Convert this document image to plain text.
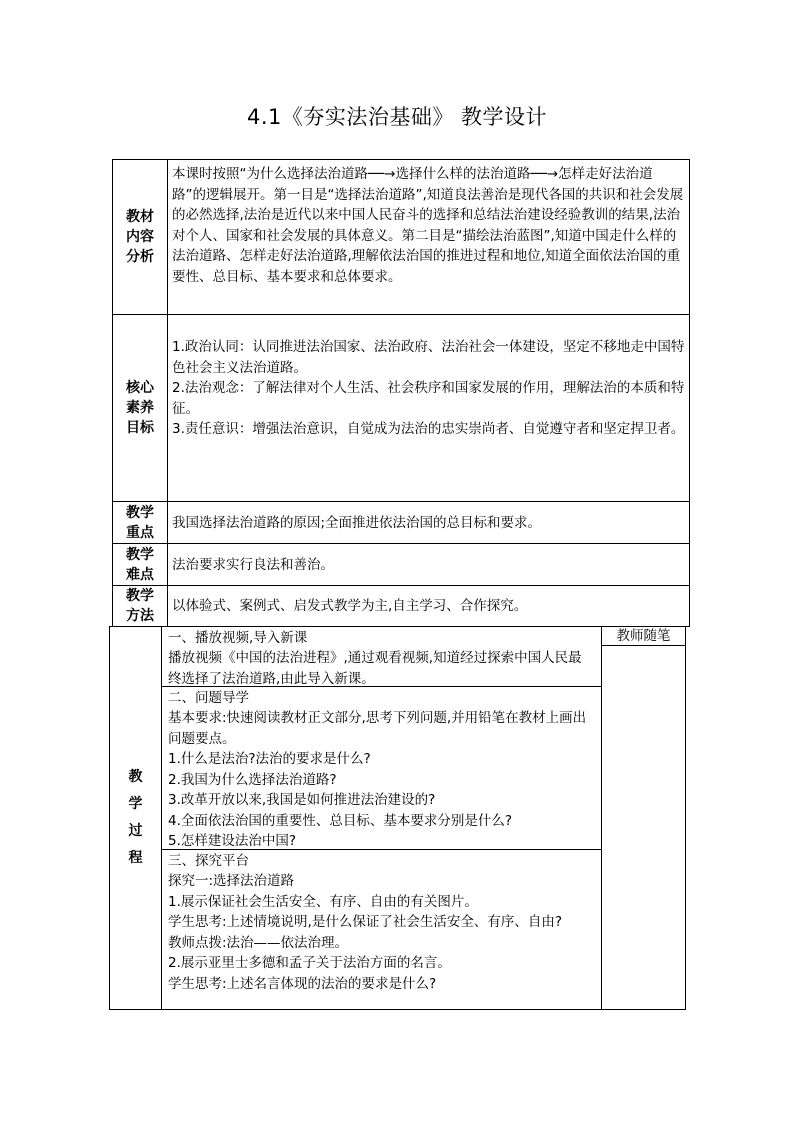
4.1《夯实法治基础》 教学设计
教材
内容
分析

本课时按照“为什么选择法治道路──→选择什么样的法治道路──→怎样走好法治道路”的逻辑展开。第一目是“选择法治道路”,知道良法善治是现代各国的共识和社会发展的必然选择,法治是近代以来中国人民奋斗的选择和总结法治建设经验教训的结果,法治对个人、国家和社会发展的具体意义。第二目是“描绘法治蓝图”,知道中国走什么样的法治道路、怎样走好法治道路,理解依法治国的推进过程和地位,知道全面依法治国的重要性、总目标、基本要求和总体要求。

核心
素养
目标

1.政治认同：认同推进法治国家、法治政府、法治社会一体建设，坚定不移地走中国特色社会主义法治道路。

2.法治观念：了解法律对个人生活、社会秩序和国家发展的作用，理解法治的本质和特征。

3.责任意识：增强法治意识，自觉成为法治的忠实崇尚者、自觉遵守者和坚定捍卫者。

教学
重点

我国选择法治道路的原因;全面推进依法治国的总目标和要求。

教学
难点

法治要求实行良法和善治。

教学
方法

以体验式、案例式、启发式教学为主,自主学习、合作探究。

教
学
过
程

一、播放视频,导入新课

播放视频《中国的法治进程》,通过观看视频,知道经过探索中国人民最终选择了法治道路,由此导入新课。

二、问题导学

基本要求:快速阅读教材正文部分,思考下列问题,并用铅笔在教材上画出问题要点。

1.什么是法治?法治的要求是什么?

2.我国为什么选择法治道路?

3.改革开放以来,我国是如何推进法治建设的?

4.全面依法治国的重要性、总目标、基本要求分别是什么?

5.怎样建设法治中国?

三、探究平台

探究一:选择法治道路

1.展示保证社会生活安全、有序、自由的有关图片。

学生思考:上述情境说明,是什么保证了社会生活安全、有序、自由?

教师点拨:法治——依法治理。

2.展示亚里士多德和孟子关于法治方面的名言。

学生思考:上述名言体现的法治的要求是什么?

教师随笔
